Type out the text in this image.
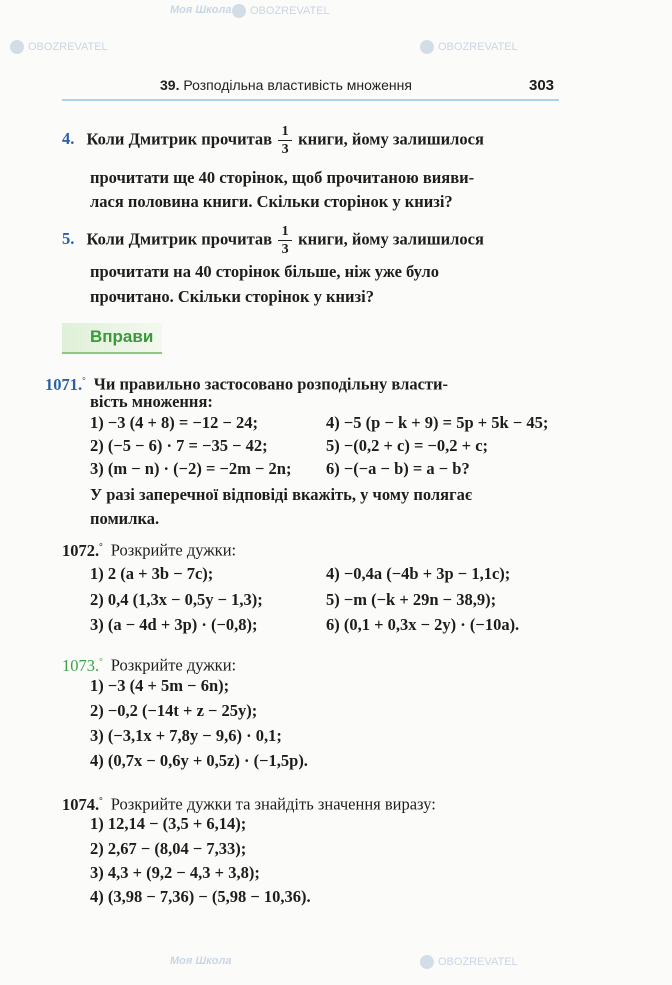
Моя Школа	OBOZREVATEL
OBOZREVATEL	OBOZREVATEL
Моя Школа	OBOZREVATEL
39. Розподільна властивість множення	303
4. Коли Дмитрик прочитав $\frac{1}{3}$ книги, йому залишилося
прочитати ще 40 сторінок, щоб прочитаною вияви-
лася половина книги. Скільки сторінок у книзі?
5. Коли Дмитрик прочитав $\frac{1}{3}$ книги, йому залишилося
прочитати на 40 сторінок більше, ніж уже було
прочитано. Скільки сторінок у книзі?
Вправи
1071.° Чи правильно застосовано розподільну власти-
вість множення:
1) −3 (4 + 8) = −12 − 24;	4) −5 (p − k + 9) = 5p + 5k − 45;
2) (−5 − 6) · 7 = −35 − 42;	5) −(0,2 + c) = −0,2 + c;
3) (m − n) · (−2) = −2m − 2n; 6) −(−a − b) = a − b?
У разі заперечної відповіді вкажіть, у чому полягає
помилка.
1072.° Розкрийте дужки:
1) 2 (a + 3b − 7c);	4) −0,4a (−4b + 3p − 1,1c);
2) 0,4 (1,3x − 0,5y − 1,3);	5) −m (−k + 29n − 38,9);
3) (a − 4d + 3p) · (−0,8);	6) (0,1 + 0,3x − 2y) · (−10a).
1073.° Розкрийте дужки:
1) −3 (4 + 5m − 6n);
2) −0,2 (−14t + z − 25y);
3) (−3,1x + 7,8y − 9,6) · 0,1;
4) (0,7x − 0,6y + 0,5z) · (−1,5p).
1074.° Розкрийте дужки та знайдіть значення виразу:
1) 12,14 − (3,5 + 6,14);
2) 2,67 − (8,04 − 7,33);
3) 4,3 + (9,2 − 4,3 + 3,8);
4) (3,98 − 7,36) − (5,98 − 10,36).
